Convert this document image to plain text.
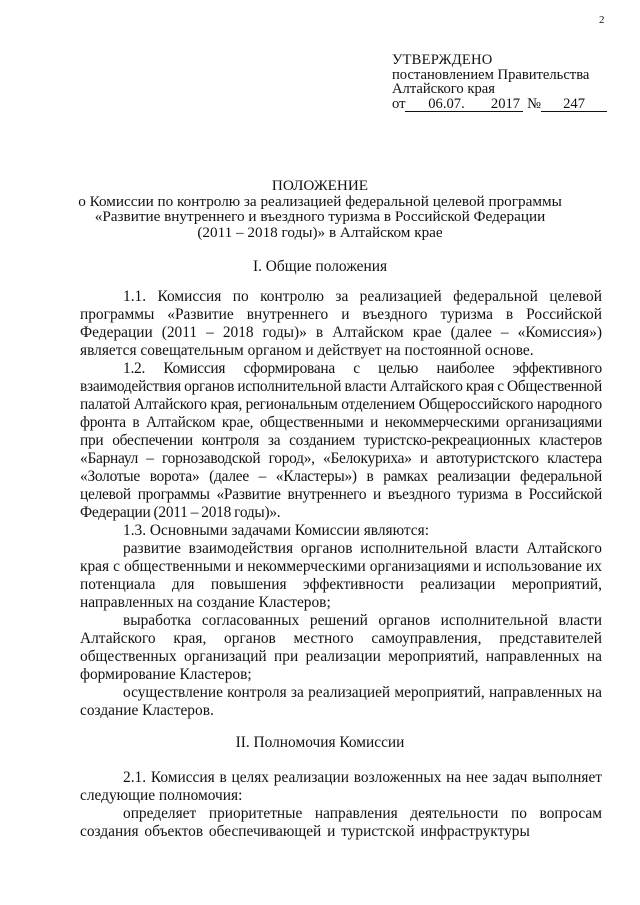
2
УТВЕРЖДЕНО
постановлением Правительства
Алтайского края
от 06.07. 2017 № 247
ПОЛОЖЕНИЕ
о Комиссии по контролю за реализацией федеральной целевой программы
«Развитие внутреннего и въездного туризма в Российской Федерации
(2011 – 2018 годы)» в Алтайском крае
I. Общие положения

1.1. Комиссия по контролю за реализацией федеральной целевой программы «Развитие внутреннего и въездного туризма в Российской Федерации (2011 – 2018 годы)» в Алтайском крае (далее – «Комиссия») является совещательным органом и действует на постоянной основе.

1.2. Комиссия сформирована с целью наиболее эффективного взаимодействия органов исполнительной власти Алтайского края с Общественной палатой Алтайского края, региональным отделением Общероссийского народного фронта в Алтайском крае, общественными и некоммерческими организациями при обеспечении контроля за созданием туристско-рекреационных кластеров «Барнаул – горнозаводской город», «Белокуриха» и автотуристского кластера «Золотые ворота» (далее – «Кластеры») в рамках реализации федеральной целевой программы «Развитие внутреннего и въездного туризма в Российской Федерации (2011 – 2018 годы)».

1.3. Основными задачами Комиссии являются:

развитие взаимодействия органов исполнительной власти Алтайского края с общественными и некоммерческими организациями и использование их потенциала для повышения эффективности реализации мероприятий, направленных на создание Кластеров;

выработка согласованных решений органов исполнительной власти Алтайского края, органов местного самоуправления, представителей общественных организаций при реализации мероприятий, направленных на формирование Кластеров;

осуществление контроля за реализацией мероприятий, направленных на создание Кластеров.

II. Полномочия Комиссии

2.1. Комиссия в целях реализации возложенных на нее задач выполняет следующие полномочия:

определяет приоритетные направления деятельности по вопросам создания объектов обеспечивающей и туристской инфраструктуры
